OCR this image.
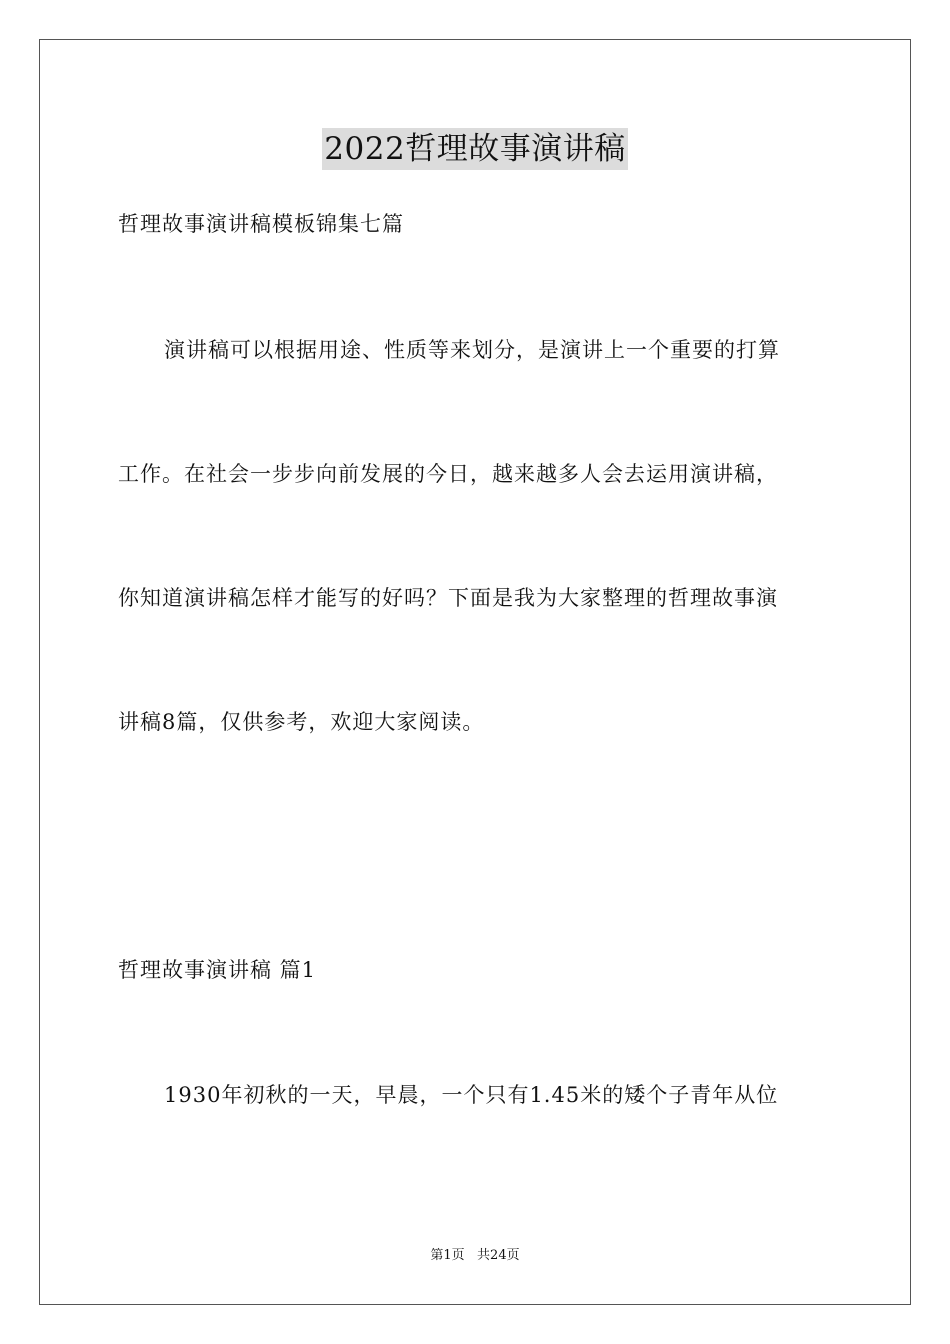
2022哲理故事演讲稿
哲理故事演讲稿模板锦集七篇
演讲稿可以根据用途、性质等来划分，是演讲上一个重要的打算
工作。在社会一步步向前发展的今日，越来越多人会去运用演讲稿，
你知道演讲稿怎样才能写的好吗？下面是我为大家整理的哲理故事演
讲稿8篇，仅供参考，欢迎大家阅读。
哲理故事演讲稿 篇1
1930年初秋的一天，早晨，一个只有1.45米的矮个子青年从位
第1页   共24页
